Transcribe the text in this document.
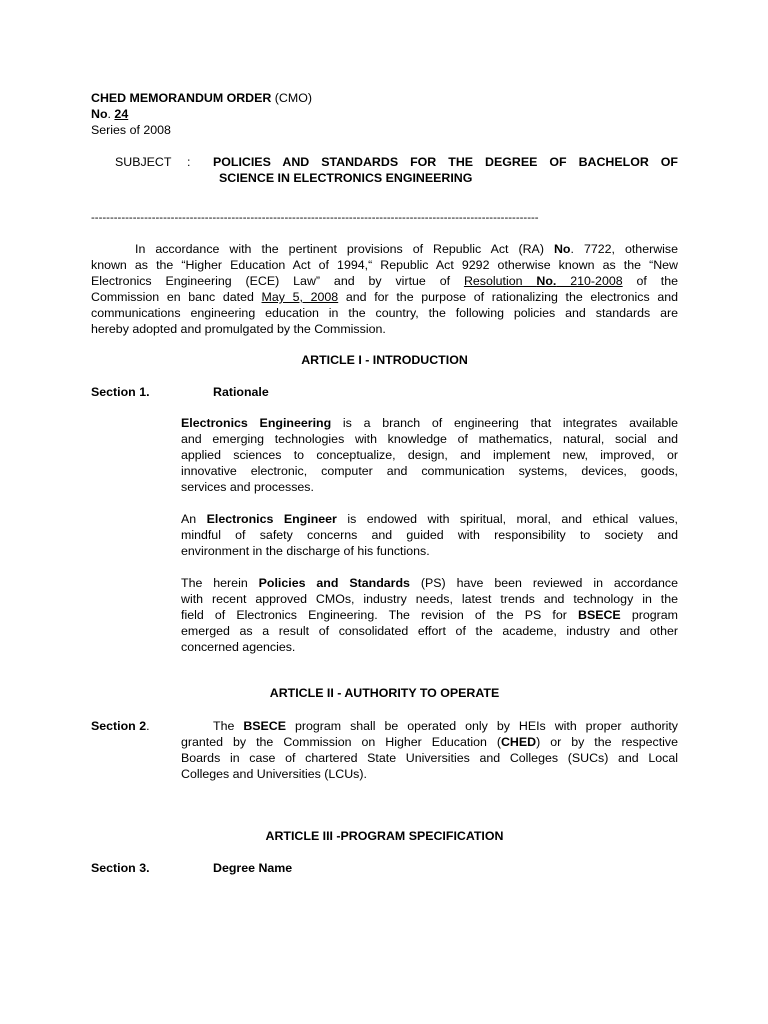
CHED MEMORANDUM ORDER (CMO)
No. 24
Series of 2008
SUBJECT : POLICIES AND STANDARDS FOR THE DEGREE OF BACHELOR OF
SCIENCE IN ELECTRONICS ENGINEERING
----------------------------------------------------------------------------------------------------------------------
In accordance with the pertinent provisions of Republic Act (RA) No. 7722, otherwise
known as the “Higher Education Act of 1994,“ Republic Act 9292 otherwise known as the “New
Electronics Engineering (ECE) Law” and by virtue of Resolution No. 210-2008 of the
Commission en banc dated May 5, 2008 and for the purpose of rationalizing the electronics and
communications engineering education in the country, the following policies and standards are
hereby adopted and promulgated by the Commission.
ARTICLE I - INTRODUCTION
Section 1.	Rationale
Electronics Engineering is a branch of engineering that integrates available
and emerging technologies with knowledge of mathematics, natural, social and
applied sciences to conceptualize, design, and implement new, improved, or
innovative electronic, computer and communication systems, devices, goods,
services and processes.
An Electronics Engineer is endowed with spiritual, moral, and ethical values,
mindful of safety concerns and guided with responsibility to society and
environment in the discharge of his functions.
The herein Policies and Standards (PS) have been reviewed in accordance
with recent approved CMOs, industry needs, latest trends and technology in the
field of Electronics Engineering. The revision of the PS for BSECE program
emerged as a result of consolidated effort of the academe, industry and other
concerned agencies.
ARTICLE II - AUTHORITY TO OPERATE
Section 2.	The BSECE program shall be operated only by HEIs with proper authority
granted by the Commission on Higher Education (CHED) or by the respective
Boards in case of chartered State Universities and Colleges (SUCs) and Local
Colleges and Universities (LCUs).
ARTICLE III -PROGRAM SPECIFICATION
Section 3.	Degree Name
